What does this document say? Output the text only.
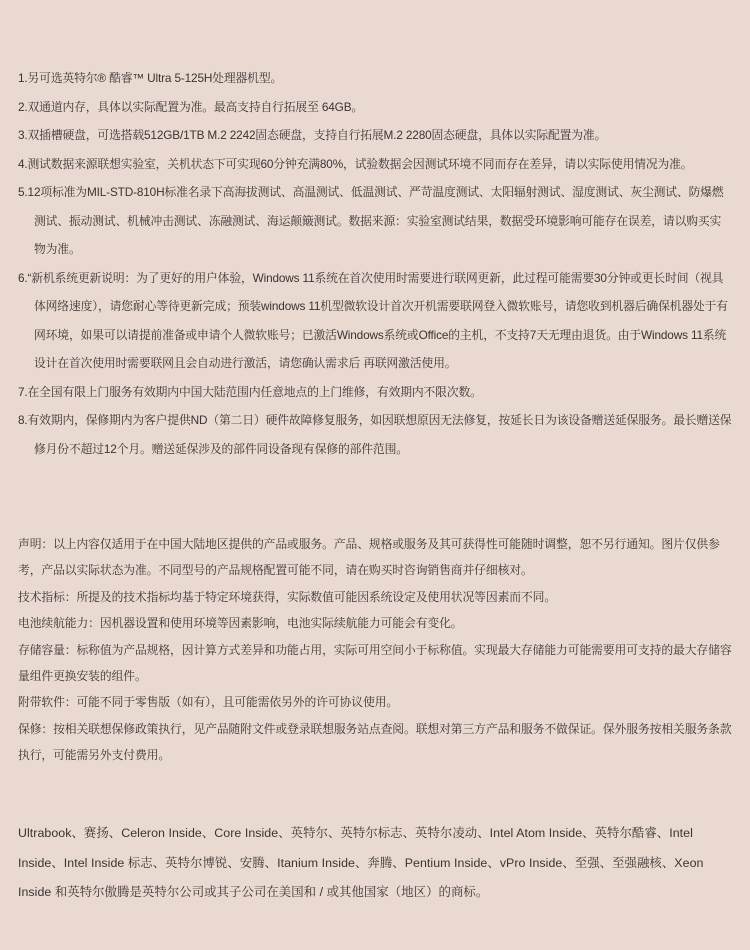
1.另可选英特尔® 酷睿™ Ultra 5-125H处理器机型。

2.双通道内存，具体以实际配置为准。最高支持自行拓展至 64GB。

3.双插槽硬盘，可选搭载512GB/1TB M.2 2242固态硬盘，支持自行拓展M.2 2280固态硬盘，具体以实际配置为准。

4.测试数据来源联想实验室，关机状态下可实现60分钟充满80%，试验数据会因测试环境不同而存在差异，请以实际使用情况为准。

5.12项标准为MIL-STD-810H标准名录下高海拔测试、高温测试、低温测试、严苛温度测试、太阳辐射测试、湿度测试、灰尘测试、防爆燃测试、振动测试、机械冲击测试、冻融测试、海运颠簸测试。数据来源：实验室测试结果，数据受环境影响可能存在误差，请以购买实物为准。

6.“新机系统更新说明：为了更好的用户体验，Windows 11系统在首次使用时需要进行联网更新，此过程可能需要30分钟或更长时间（视具体网络速度），请您耐心等待更新完成；预装windows 11机型微软设计首次开机需要联网登入微软账号，请您收到机器后确保机器处于有网环境，如果可以请提前准备或申请个人微软账号；已激活Windows系统或Office的主机，不支持7天无理由退货。由于Windows 11系统设计在首次使用时需要联网且会自动进行激活，请您确认需求后 再联网激活使用。

7.在全国有限上门服务有效期内中国大陆范围内任意地点的上门维修，有效期内不限次数。

8.有效期内，保修期内为客户提供ND（第二日）硬件故障修复服务，如因联想原因无法修复，按延长日为该设备赠送延保服务。最长赠送保修月份不超过12个月。赠送延保涉及的部件同设备现有保修的部件范围。

声明：以上内容仅适用于在中国大陆地区提供的产品或服务。产品、规格或服务及其可获得性可能随时调整，恕不另行通知。图片仅供参考，产品以实际状态为准。不同型号的产品规格配置可能不同，请在购买时咨询销售商并仔细核对。

技术指标：所提及的技术指标均基于特定环境获得，实际数值可能因系统设定及使用状况等因素而不同。

电池续航能力：因机器设置和使用环境等因素影响，电池实际续航能力可能会有变化。

存储容量：标称值为产品规格，因计算方式差异和功能占用，实际可用空间小于标称值。实现最大存储能力可能需要用可支持的最大存储容量组件更换安装的组件。

附带软件：可能不同于零售版（如有），且可能需依另外的许可协议使用。

保修：按相关联想保修政策执行，见产品随附文件或登录联想服务站点查阅。联想对第三方产品和服务不做保证。保外服务按相关服务条款执行，可能需另外支付费用。

Ultrabook、赛扬、Celeron Inside、Core Inside、英特尔、英特尔标志、英特尔凌动、Intel Atom Inside、英特尔酷睿、Intel Inside、Intel Inside 标志、英特尔博锐、安腾、Itanium Inside、奔腾、Pentium Inside、vPro Inside、至强、至强融核、Xeon Inside 和英特尔傲腾是英特尔公司或其子公司在美国和 / 或其他国家（地区）的商标。
